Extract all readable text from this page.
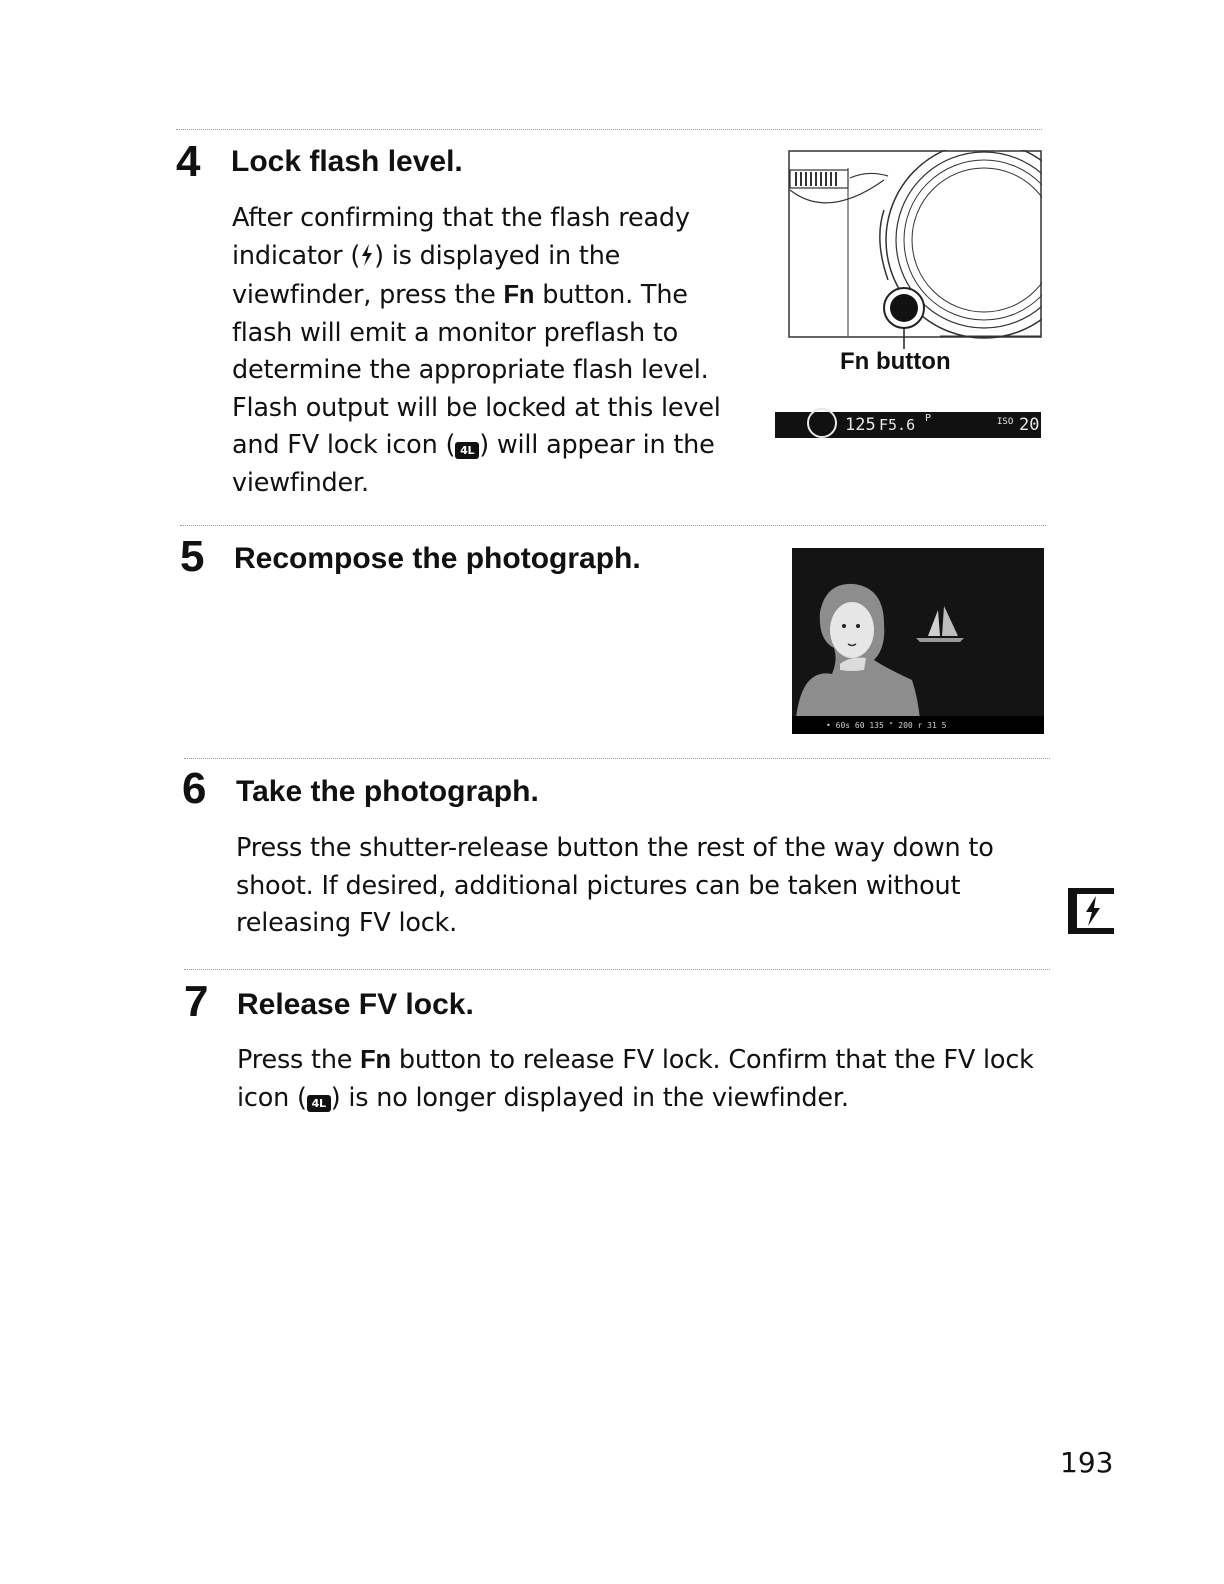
4 Lock flash level.

After confirming that the flash ready indicator ( ) is displayed in the viewfinder, press the Fn button. The flash will emit a monitor preflash to determine the appropriate flash level. Flash output will be locked at this level and FV lock icon ( 4L ) will appear in the viewfinder.

Fn button
125 F5.6 P	ISO 20
5 Recompose the photograph.
• 60s 60 135 " 200 r 31 5
6 Take the photograph.
Press the shutter-release button the rest of the way down to shoot. If desired, additional pictures can be taken without releasing FV lock.
7 Release FV lock.

Press the Fn button to release FV lock. Confirm that the FV lock icon ( 4L ) is no longer displayed in the viewfinder.

193
